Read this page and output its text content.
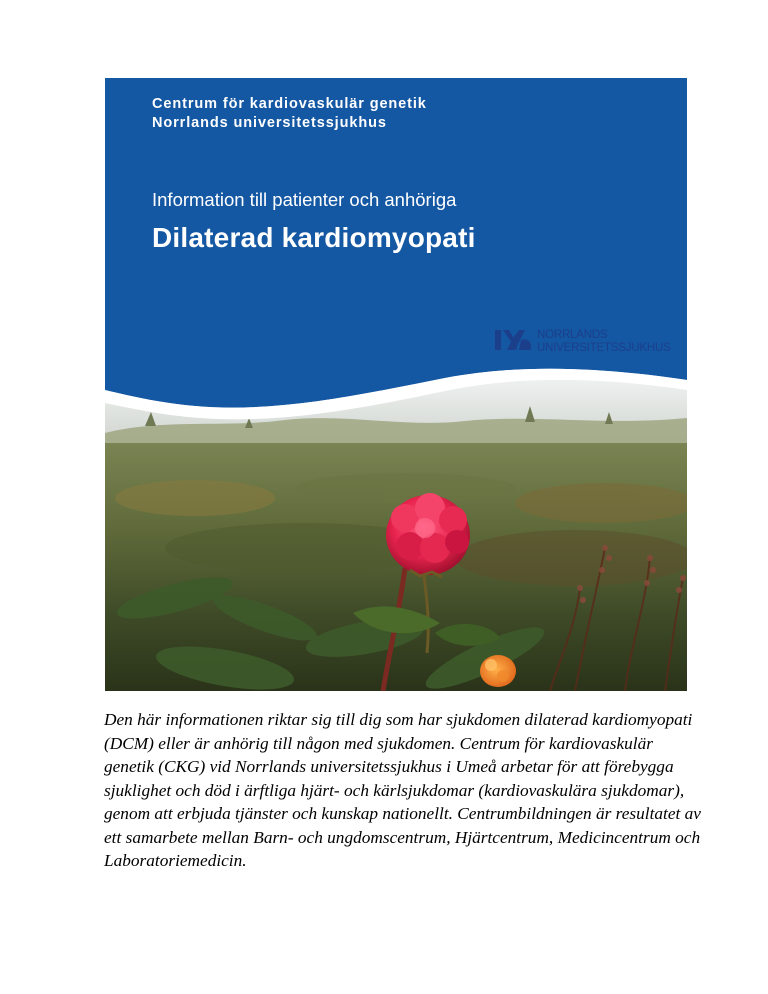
Centrum för kardiovaskulär genetik
Norrlands universitetssjukhus
Information till patienter och anhöriga
Dilaterad kardiomyopati
NORRLANDS
UNIVERSITETSSJUKHUS

Den här informationen riktar sig till dig som har sjukdomen dilaterad kardiomyopati (DCM) eller är anhörig till någon med sjukdomen. Centrum för kardiovaskulär genetik (CKG) vid Norrlands universitetssjukhus i Umeå arbetar för att förebygga sjuklighet och död i ärftliga hjärt- och kärlsjukdomar (kardiovaskulära sjukdomar), genom att erbjuda tjänster och kunskap nationellt. Centrumbildningen är resultatet av ett samarbete mellan Barn- och ungdomscentrum, Hjärtcentrum, Medicincentrum och Laboratoriemedicin.
